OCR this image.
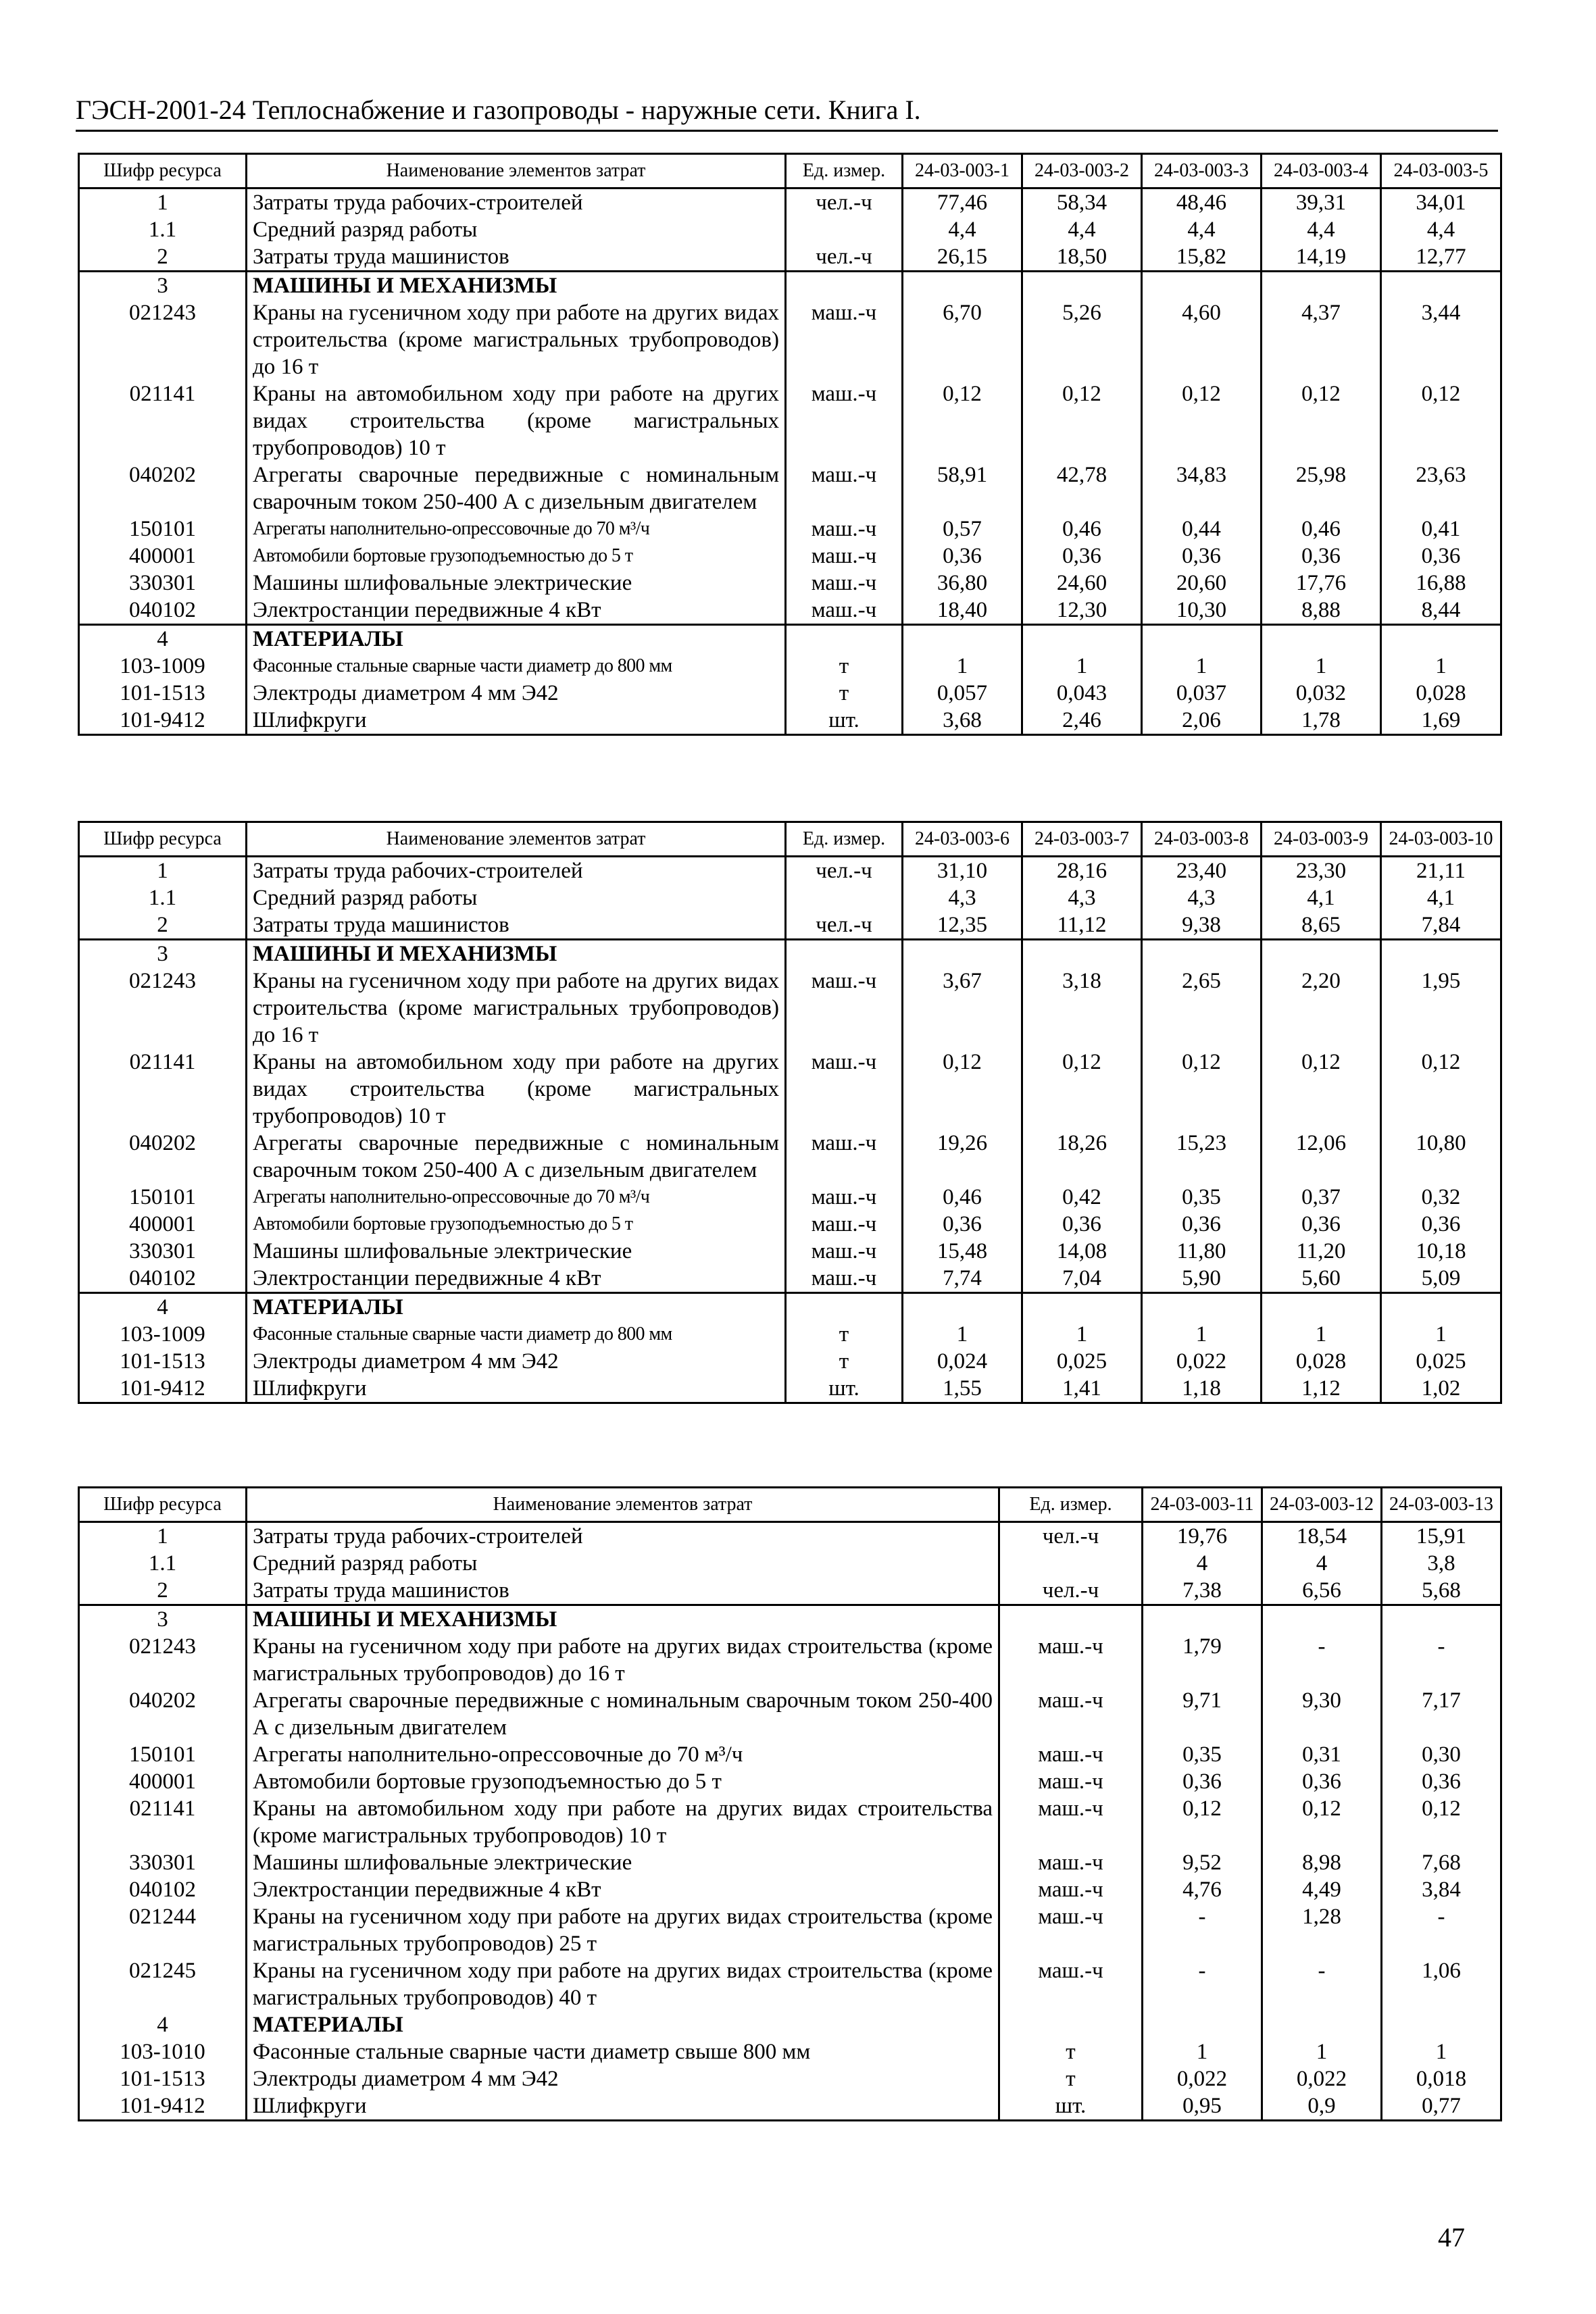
ГЭСН-2001-24 Теплоснабжение и газопроводы - наружные сети. Книга I.
Шифр ресурса	Наименование элементов затрат	Ед. измер.	24-03-003-1	24-03-003-2	24-03-003-3	24-03-003-4	24-03-003-5
1	Затраты труда рабочих-строителей	чел.-ч	77,46	58,34	48,46	39,31	34,01
1.1	Средний разряд работы		4,4	4,4	4,4	4,4	4,4
2	Затраты труда машинистов	чел.-ч	26,15	18,50	15,82	14,19	12,77
3	МАШИНЫ И МЕХАНИЗМЫ						
021243	Краны на гусеничном ходу при работе на других видах строительства (кроме магистральных трубопроводов) до 16 т	маш.-ч	6,70	5,26	4,60	4,37	3,44
021141	Краны на автомобильном ходу при работе на других видах строительства (кроме магистральных трубопроводов) 10 т	маш.-ч	0,12	0,12	0,12	0,12	0,12
040202	Агрегаты сварочные передвижные с номинальным сварочным током 250-400 А с дизельным двигателем	маш.-ч	58,91	42,78	34,83	25,98	23,63
150101	Агрегаты наполнительно-опрессовочные до 70 м³/ч	маш.-ч	0,57	0,46	0,44	0,46	0,41
400001	Автомобили бортовые грузоподъемностью до 5 т	маш.-ч	0,36	0,36	0,36	0,36	0,36
330301	Машины шлифовальные электрические	маш.-ч	36,80	24,60	20,60	17,76	16,88
040102	Электростанции передвижные 4 кВт	маш.-ч	18,40	12,30	10,30	8,88	8,44
4	МАТЕРИАЛЫ						
103-1009	Фасонные стальные сварные части диаметр до 800 мм	т	1	1	1	1	1
101-1513	Электроды диаметром 4 мм Э42	т	0,057	0,043	0,037	0,032	0,028
101-9412	Шлифкруги	шт.	3,68	2,46	2,06	1,78	1,69
Шифр ресурса	Наименование элементов затрат	Ед. измер.	24-03-003-6	24-03-003-7	24-03-003-8	24-03-003-9	24-03-003-10
1	Затраты труда рабочих-строителей	чел.-ч	31,10	28,16	23,40	23,30	21,11
1.1	Средний разряд работы		4,3	4,3	4,3	4,1	4,1
2	Затраты труда машинистов	чел.-ч	12,35	11,12	9,38	8,65	7,84
3	МАШИНЫ И МЕХАНИЗМЫ						
021243	Краны на гусеничном ходу при работе на других видах строительства (кроме магистральных трубопроводов) до 16 т	маш.-ч	3,67	3,18	2,65	2,20	1,95
021141	Краны на автомобильном ходу при работе на других видах строительства (кроме магистральных трубопроводов) 10 т	маш.-ч	0,12	0,12	0,12	0,12	0,12
040202	Агрегаты сварочные передвижные с номинальным сварочным током 250-400 А с дизельным двигателем	маш.-ч	19,26	18,26	15,23	12,06	10,80
150101	Агрегаты наполнительно-опрессовочные до 70 м³/ч	маш.-ч	0,46	0,42	0,35	0,37	0,32
400001	Автомобили бортовые грузоподъемностью до 5 т	маш.-ч	0,36	0,36	0,36	0,36	0,36
330301	Машины шлифовальные электрические	маш.-ч	15,48	14,08	11,80	11,20	10,18
040102	Электростанции передвижные 4 кВт	маш.-ч	7,74	7,04	5,90	5,60	5,09
4	МАТЕРИАЛЫ						
103-1009	Фасонные стальные сварные части диаметр до 800 мм	т	1	1	1	1	1
101-1513	Электроды диаметром 4 мм Э42	т	0,024	0,025	0,022	0,028	0,025
101-9412	Шлифкруги	шт.	1,55	1,41	1,18	1,12	1,02
Шифр ресурса	Наименование элементов затрат	Ед. измер.	24-03-003-11	24-03-003-12	24-03-003-13
1	Затраты труда рабочих-строителей	чел.-ч	19,76	18,54	15,91
1.1	Средний разряд работы		4	4	3,8
2	Затраты труда машинистов	чел.-ч	7,38	6,56	5,68
3	МАШИНЫ И МЕХАНИЗМЫ				
021243	Краны на гусеничном ходу при работе на других видах строительства (кроме магистральных трубопроводов) до 16 т	маш.-ч	1,79	-	-
040202	Агрегаты сварочные передвижные с номинальным сварочным током 250-400 А с дизельным двигателем	маш.-ч	9,71	9,30	7,17
150101	Агрегаты наполнительно-опрессовочные до 70 м³/ч	маш.-ч	0,35	0,31	0,30
400001	Автомобили бортовые грузоподъемностью до 5 т	маш.-ч	0,36	0,36	0,36
021141	Краны на автомобильном ходу при работе на других видах строительства (кроме магистральных трубопроводов) 10 т	маш.-ч	0,12	0,12	0,12
330301	Машины шлифовальные электрические	маш.-ч	9,52	8,98	7,68
040102	Электростанции передвижные 4 кВт	маш.-ч	4,76	4,49	3,84
021244	Краны на гусеничном ходу при работе на других видах строительства (кроме магистральных трубопроводов) 25 т	маш.-ч	-	1,28	-
021245	Краны на гусеничном ходу при работе на других видах строительства (кроме магистральных трубопроводов) 40 т	маш.-ч	-	-	1,06
4	МАТЕРИАЛЫ				
103-1010	Фасонные стальные сварные части диаметр свыше 800 мм	т	1	1	1
101-1513	Электроды диаметром 4 мм Э42	т	0,022	0,022	0,018
101-9412	Шлифкруги	шт.	0,95	0,9	0,77
47
